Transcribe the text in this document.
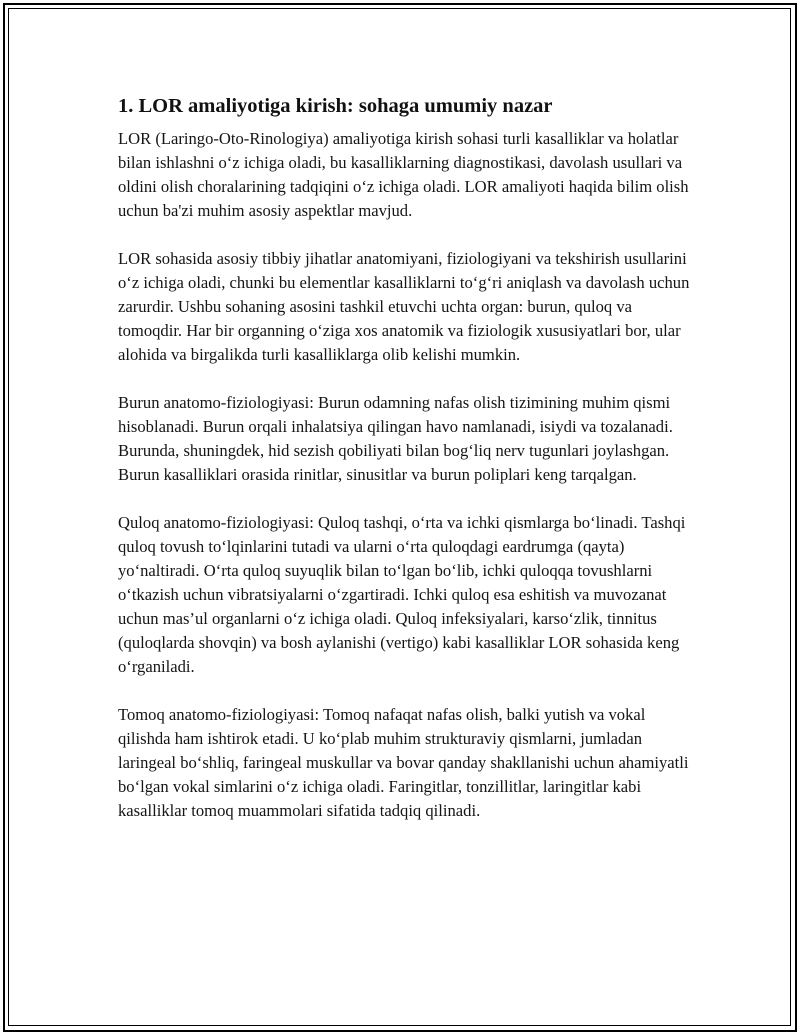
1. LOR amaliyotiga kirish: sohaga umumiy nazar

LOR (Laringo-Oto-Rinologiya) amaliyotiga kirish sohasi turli kasalliklar va holatlar bilan ishlashni o‘z ichiga oladi, bu kasalliklarning diagnostikasi, davolash usullari va oldini olish choralarining tadqiqini o‘z ichiga oladi. LOR amaliyoti haqida bilim olish uchun ba'zi muhim asosiy aspektlar mavjud.

LOR sohasida asosiy tibbiy jihatlar anatomiyani, fiziologiyani va tekshirish usullarini o‘z ichiga oladi, chunki bu elementlar kasalliklarni to‘g‘ri aniqlash va davolash uchun zarurdir. Ushbu sohaning asosini tashkil etuvchi uchta organ: burun, quloq va tomoqdir. Har bir organning o‘ziga xos anatomik va fiziologik xususiyatlari bor, ular alohida va birgalikda turli kasalliklarga olib kelishi mumkin.

Burun anatomo-fiziologiyasi: Burun odamning nafas olish tizimining muhim qismi hisoblanadi. Burun orqali inhalatsiya qilingan havo namlanadi, isiydi va tozalanadi. Burunda, shuningdek, hid sezish qobiliyati bilan bog‘liq nerv tugunlari joylashgan. Burun kasalliklari orasida rinitlar, sinusitlar va burun poliplari keng tarqalgan.

Quloq anatomo-fiziologiyasi: Quloq tashqi, o‘rta va ichki qismlarga bo‘linadi. Tashqi quloq tovush to‘lqinlarini tutadi va ularni o‘rta quloqdagi eardrumga (qayta) yo‘naltiradi. O‘rta quloq suyuqlik bilan to‘lgan bo‘lib, ichki quloqqa tovushlarni o‘tkazish uchun vibratsiyalarni o‘zgartiradi. Ichki quloq esa eshitish va muvozanat uchun mas’ul organlarni o‘z ichiga oladi. Quloq infeksiyalari, karso‘zlik, tinnitus (quloqlarda shovqin) va bosh aylanishi (vertigo) kabi kasalliklar LOR sohasida keng o‘rganiladi.

Tomoq anatomo-fiziologiyasi: Tomoq nafaqat nafas olish, balki yutish va vokal qilishda ham ishtirok etadi. U ko‘plab muhim strukturaviy qismlarni, jumladan laringeal bo‘shliq, faringeal muskullar va bovar qanday shakllanishi uchun ahamiyatli bo‘lgan vokal simlarini o‘z ichiga oladi. Faringitlar, tonzillitlar, laringitlar kabi kasalliklar tomoq muammolari sifatida tadqiq qilinadi.
